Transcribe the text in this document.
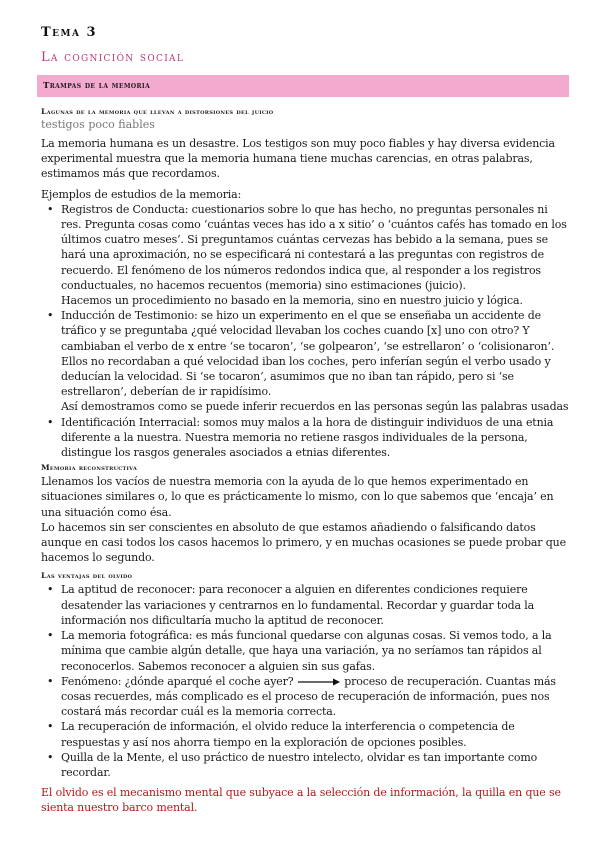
Tema 3
La cognición social
Trampas de la memoria
Lagunas de la memoria que llevan a distorsiones del juicio
testigos poco fiables

La memoria humana es un desastre. Los testigos son muy poco fiables y hay diversa evidencia experimental muestra que la memoria humana tiene muchas carencias, en otras palabras, estimamos más que recordamos.

Ejemplos de estudios de la memoria:

• Registros de Conducta: cuestionarios sobre lo que has hecho, no preguntas personales ni res. Pregunta cosas como ‘cuántas veces has ido a x sitio’ o ‘cuántos cafés has tomado en los últimos cuatro meses’. Si preguntamos cuántas cervezas has bebido a la semana, pues se hará una aproximación, no se especificará ni contestará a las preguntas con registros de recuerdo. El fenómeno de los números redondos indica que, al responder a los registros conductuales, no hacemos recuentos (memoria) sino estimaciones (juicio).
Hacemos un procedimiento no basado en la memoria, sino en nuestro juicio y lógica.
• Inducción de Testimonio: se hizo un experimento en el que se enseñaba un accidente de tráfico y se preguntaba ¿qué velocidad llevaban los coches cuando [x] uno con otro? Y cambiaban el verbo de x entre ‘se tocaron’, ‘se golpearon’, ‘se estrellaron’ o ‘colisionaron’. Ellos no recordaban a qué velocidad iban los coches, pero inferían según el verbo usado y deducían la velocidad. Si ‘se tocaron’, asumimos que no iban tan rápido, pero si ‘se estrellaron’, deberían de ir rapidísimo.
Así demostramos como se puede inferir recuerdos en las personas según las palabras usadas
• Identificación Interracial: somos muy malos a la hora de distinguir individuos de una etnia diferente a la nuestra. Nuestra memoria no retiene rasgos individuales de la persona, distingue los rasgos generales asociados a etnias diferentes.
Memoria reconstructiva

Llenamos los vacíos de nuestra memoria con la ayuda de lo que hemos experimentado en situaciones similares o, lo que es prácticamente lo mismo, con lo que sabemos que ‘encaja’ en una situación como ésa.

Lo hacemos sin ser conscientes en absoluto de que estamos añadiendo o falsificando datos aunque en casi todos los casos hacemos lo primero, y en muchas ocasiones se puede probar que hacemos lo segundo.

Las ventajas del olvido
• La aptitud de reconocer: para reconocer a alguien en diferentes condiciones requiere desatender las variaciones y centrarnos en lo fundamental. Recordar y guardar toda la información nos dificultaría mucho la aptitud de reconocer.
• La memoria fotográfica: es más funcional quedarse con algunas cosas. Si vemos todo, a la mínima que cambie algún detalle, que haya una variación, ya no seríamos tan rápidos al reconocerlos. Sabemos reconocer a alguien sin sus gafas.
• Fenómeno: ¿dónde aparqué el coche ayer?	proceso de recuperación. Cuantas más cosas recuerdes, más complicado es el proceso de recuperación de información, pues nos costará más recordar cuál es la memoria correcta.
• La recuperación de información, el olvido reduce la interferencia o competencia de respuestas y así nos ahorra tiempo en la exploración de opciones posibles.
• Quilla de la Mente, el uso práctico de nuestro intelecto, olvidar es tan importante como recordar.

El olvido es el mecanismo mental que subyace a la selección de información, la quilla en que se sienta nuestro barco mental.
